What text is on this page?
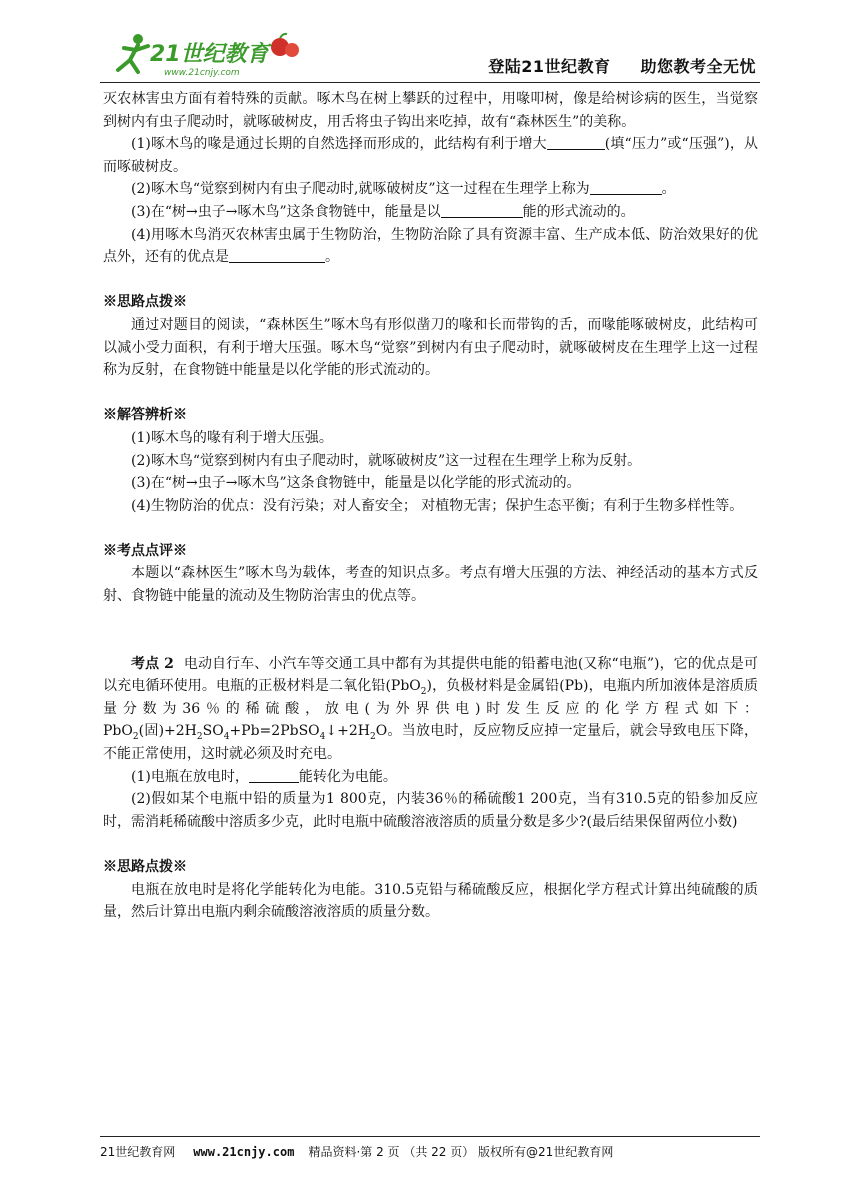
21世纪教育
www.21cnjy.com	登陆21世纪教育 助您教考全无忧

灭农林害虫方面有着特殊的贡献。啄木鸟在树上攀跃的过程中，用喙叩树，像是给树诊病的医生，当觉察到树内有虫子爬动时，就啄破树皮，用舌将虫子钩出来吃掉，故有“森林医生”的美称。

(1)啄木鸟的喙是通过长期的自然选择而形成的，此结构有利于增大	(填“压力”或“压强”)，从而啄破树皮。

(2)啄木鸟“觉察到树内有虫子爬动时,就啄破树皮”这一过程在生理学上称为	。

(3)在“树→虫子→啄木鸟”这条食物链中，能量是以	能的形式流动的。

(4)用啄木鸟消灭农林害虫属于生物防治，生物防治除了具有资源丰富、生产成本低、防治效果好的优点外，还有的优点是	。

※思路点拨※

通过对题目的阅读，“森林医生”啄木鸟有形似凿刀的喙和长而带钩的舌，而喙能啄破树皮，此结构可以减小受力面积，有利于增大压强。啄木鸟“觉察”到树内有虫子爬动时，就啄破树皮在生理学上这一过程称为反射，在食物链中能量是以化学能的形式流动的。

※解答辨析※

(1)啄木鸟的喙有利于增大压强。

(2)啄木鸟“觉察到树内有虫子爬动时，就啄破树皮”这一过程在生理学上称为反射。

(3)在“树→虫子→啄木鸟”这条食物链中，能量是以化学能的形式流动的。

(4)生物防治的优点：没有污染；对人畜安全； 对植物无害；保护生态平衡；有利于生物多样性等。

※考点点评※

本题以“森林医生”啄木鸟为载体，考查的知识点多。考点有增大压强的方法、神经活动的基本方式反射、食物链中能量的流动及生物防治害虫的优点等。

考点 2 电动自行车、小汽车等交通工具中都有为其提供电能的铅蓄电池(又称“电瓶”)，它的优点是可以充电循环使用。电瓶的正极材料是二氧化铅(PbO$_2$)，负极材料是金属铅(Pb)，电瓶内所加液体是溶质质量分数为36％的稀硫酸，放电(为外界供电)时发生反应的化学方程式如下：PbO$_2$(固)$+2H_2SO_4+Pb=2PbSO_4↓+2H_2O$。当放电时，反应物反应掉一定量后，就会导致电压下降，不能正常使用，这时就必须及时充电。

(1)电瓶在放电时，	能转化为电能。

(2)假如某个电瓶中铅的质量为1 800克，内装36％的稀硫酸1 200克，当有310.5克的铅参加反应时，需消耗稀硫酸中溶质多少克，此时电瓶中硫酸溶液溶质的质量分数是多少?(最后结果保留两位小数)

※思路点拨※

电瓶在放电时是将化学能转化为电能。310.5克铅与稀硫酸反应，根据化学方程式计算出纯硫酸的质量，然后计算出电瓶内剩余硫酸溶液溶质的质量分数。

21世纪教育网 www.21cnjy.com 精品资料·第 2 页 （共 22 页） 版权所有@21世纪教育网
